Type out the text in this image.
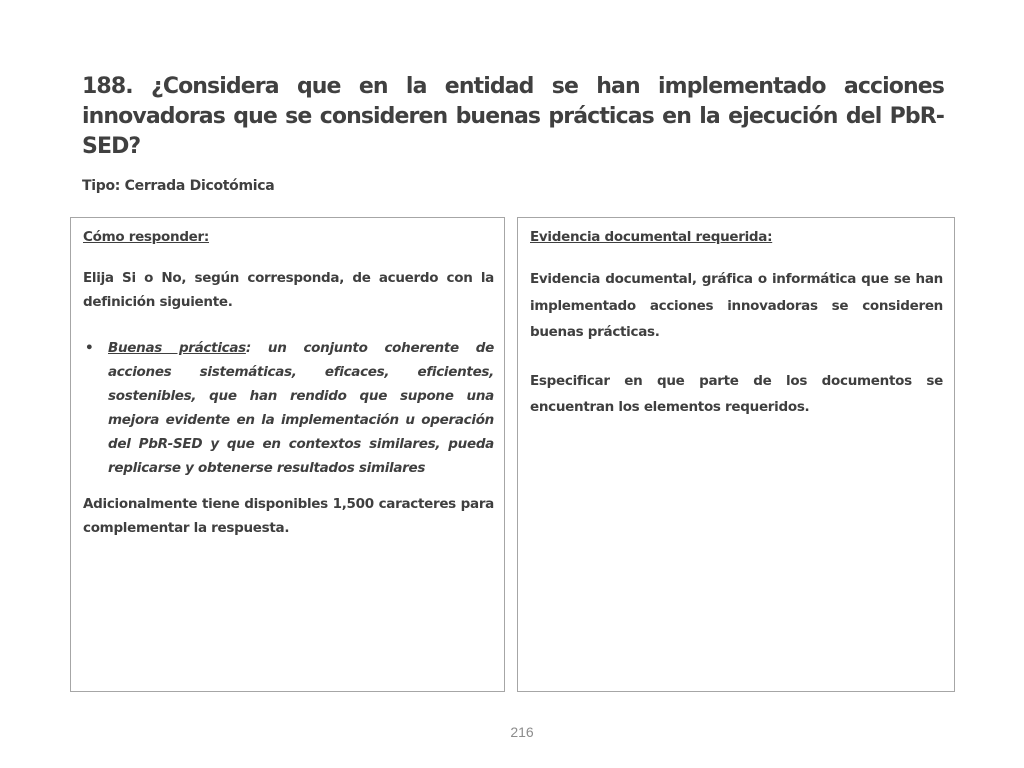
188. ¿Considera que en la entidad se han implementado acciones innovadoras que se consideren buenas prácticas en la ejecución del PbR-SED?
Tipo: Cerrada Dicotómica
Cómo responder:

Elija Si o No, según corresponda, de acuerdo con la definición siguiente.

• Buenas prácticas: un conjunto coherente de acciones sistemáticas, eficaces, eficientes, sostenibles, que han rendido que supone una mejora evidente en la implementación u operación del PbR-SED y que en contextos similares, pueda replicarse y obtenerse resultados similares

Adicionalmente tiene disponibles 1,500 caracteres para complementar la respuesta.

Evidencia documental requerida:

Evidencia documental, gráfica o informática que se han implementado acciones innovadoras se consideren buenas prácticas.

Especificar en que parte de los documentos se encuentran los elementos requeridos.

216
